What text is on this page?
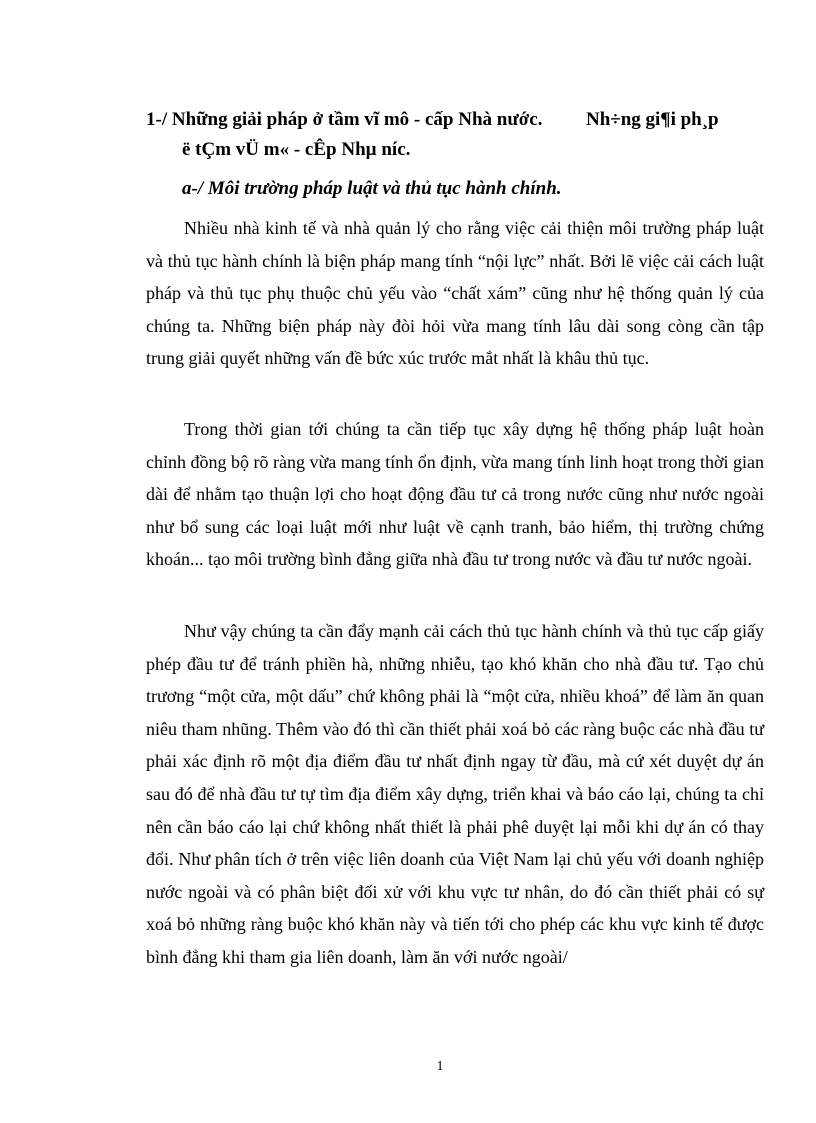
1-/ Những giải pháp ở tầm vĩ mô - cấp Nhà nước. Nh÷ng gi¶i ph¸p
ë tÇm vÜ m« - cÊp Nhµ níc.
a-/ Môi trường pháp luật và thủ tục hành chính.

Nhiều nhà kinh tế và nhà quản lý cho rằng việc cải thiện môi trường pháp luật và thủ tục hành chính là biện pháp mang tính “nội lực” nhất. Bởi lẽ việc cải cách luật pháp và thủ tục phụ thuộc chủ yếu vào “chất xám” cũng như hệ thống quản lý của chúng ta. Những biện pháp này đòi hỏi vừa mang tính lâu dài song còng cần tập trung giải quyết những vấn đề bức xúc trước mắt nhất là khâu thủ tục.

Trong thời gian tới chúng ta cần tiếp tục xây dựng hệ thống pháp luật hoàn chỉnh đồng bộ rõ ràng vừa mang tính ổn định, vừa mang tính linh hoạt trong thời gian dài để nhằm tạo thuận lợi cho hoạt động đầu tư cả trong nước cũng như nước ngoài như bổ sung các loại luật mới như luật về cạnh tranh, bảo hiểm, thị trường chứng khoán... tạo môi trường bình đẳng giữa nhà đầu tư trong nước và đầu tư nước ngoài.

Như vậy chúng ta cần đẩy mạnh cải cách thủ tục hành chính và thủ tục cấp giấy phép đầu tư để tránh phiền hà, những nhiễu, tạo khó khăn cho nhà đầu tư. Tạo chủ trương “một cửa, một dấu” chứ không phải là “một cửa, nhiều khoá” để làm ăn quan niêu tham nhũng. Thêm vào đó thì cần thiết phải xoá bỏ các ràng buộc các nhà đầu tư phải xác định rõ một địa điểm đầu tư nhất định ngay từ đầu, mà cứ xét duyệt dự án sau đó để nhà đầu tư tự tìm địa điểm xây dựng, triển khai và báo cáo lại, chúng ta chỉ nên cần báo cáo lại chứ không nhất thiết là phải phê duyệt lại mỗi khi dự án có thay đổi. Như phân tích ở trên việc liên doanh của Việt Nam lại chủ yếu với doanh nghiệp nước ngoài và có phân biệt đối xử với khu vực tư nhân, do đó cần thiết phải có sự xoá bỏ những ràng buộc khó khăn này và tiến tới cho phép các khu vực kinh tế được bình đẳng khi tham gia liên doanh, làm ăn với nước ngoài/

1
